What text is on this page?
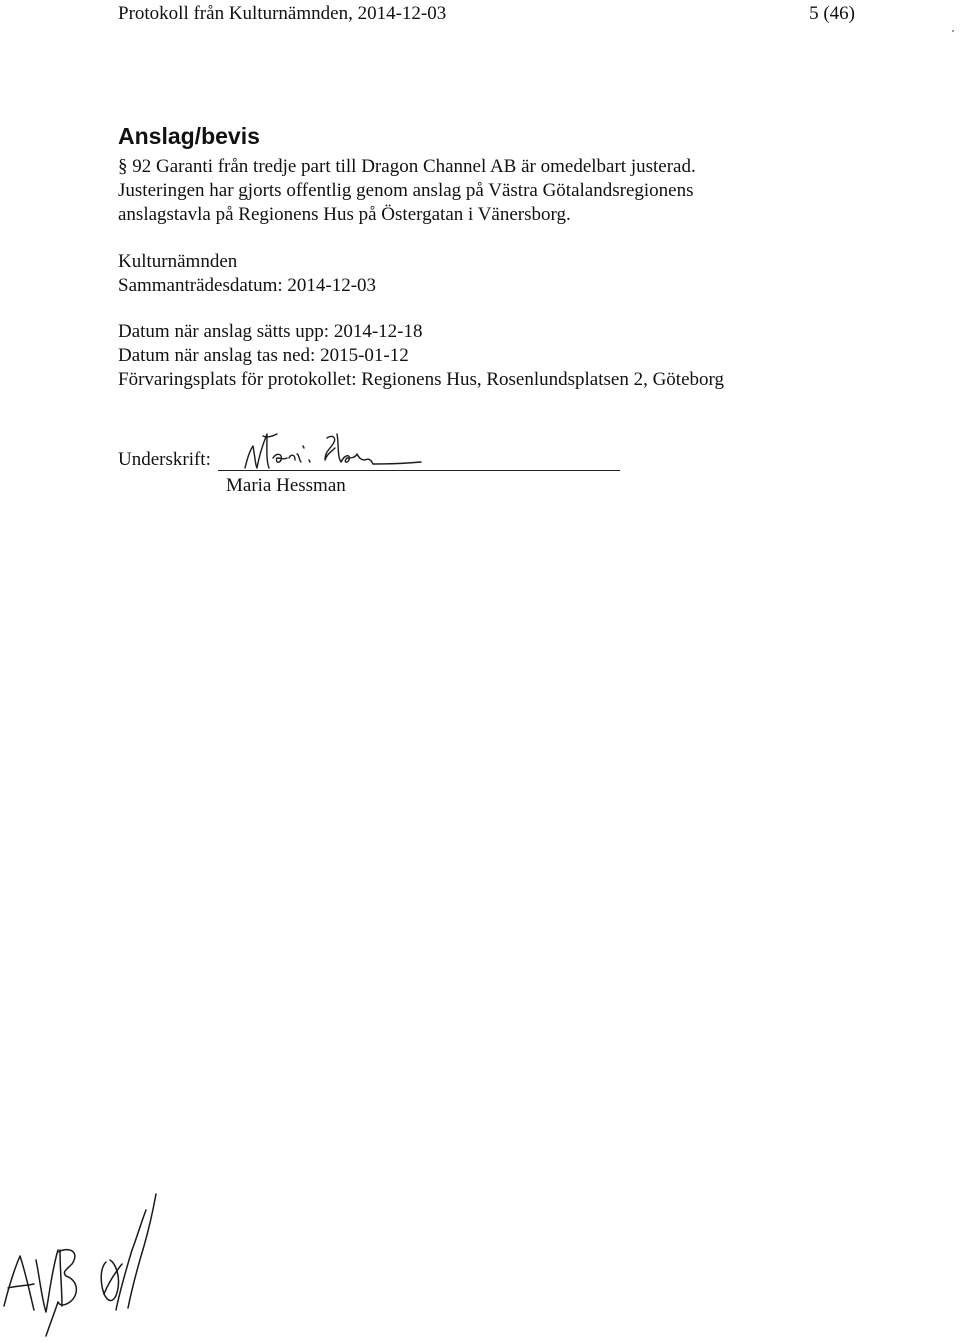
Protokoll från Kulturnämnden, 2014-12-03	5 (46)
Anslag/bevis

§ 92 Garanti från tredje part till Dragon Channel AB är omedelbart justerad.

Justeringen har gjorts offentlig genom anslag på Västra Götalandsregionens

anslagstavla på Regionens Hus på Östergatan i Vänersborg.

Kulturnämnden

Sammanträdesdatum: 2014-12-03

Datum när anslag sätts upp: 2014-12-18

Datum när anslag tas ned: 2015-01-12

Förvaringsplats för protokollet: Regionens Hus, Rosenlundsplatsen 2, Göteborg

Underskrift:
Maria Hessman
